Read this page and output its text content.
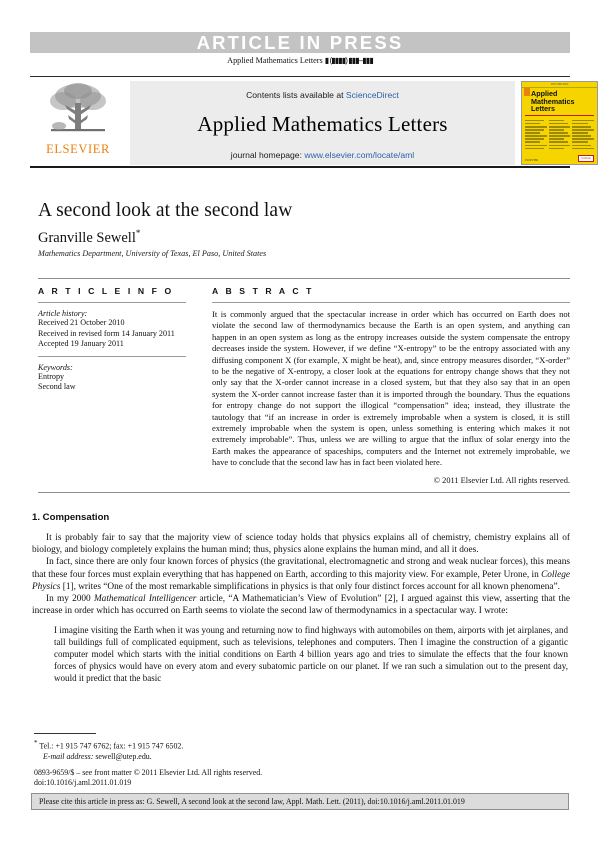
ARTICLE IN PRESS
Applied Mathematics Letters ▮ (▮▮▮▮) ▮▮▮–▮▮▮
ELSEVIER
Contents lists available at ScienceDirect
Applied Mathematics Letters
journal homepage: www.elsevier.com/locate/aml
ISSN 0893-9659
Applied
Mathematics
Letters
ELSEVIER
SciVerse
A second look at the second law
Granville Sewell*
Mathematics Department, University of Texas, El Paso, United States
A R T I C L E I N F O
Article history:
Received 21 October 2010
Received in revised form 14 January 2011
Accepted 19 January 2011
Keywords:
Entropy
Second law
A B S T R A C T
It is commonly argued that the spectacular increase in order which has occurred on Earth does not violate the second law of thermodynamics because the Earth is an open system, and anything can happen in an open system as long as the entropy increases outside the system compensate the entropy decreases inside the system. However, if we define “X-entropy” to be the entropy associated with any diffusing component X (for example, X might be heat), and, since entropy measures disorder, “X-order” to be the negative of X-entropy, a closer look at the equations for entropy change shows that they not only say that the X-order cannot increase in a closed system, but that they also say that in an open system the X-order cannot increase faster than it is imported through the boundary. Thus the equations for entropy change do not support the illogical “compensation” idea; instead, they illustrate the tautology that “if an increase in order is extremely improbable when a system is closed, it is still extremely improbable when the system is open, unless something is entering which makes it not extremely improbable”. Thus, unless we are willing to argue that the influx of solar energy into the Earth makes the appearance of spaceships, computers and the Internet not extremely improbable, we have to conclude that the second law has in fact been violated here.
© 2011 Elsevier Ltd. All rights reserved.
1. Compensation

It is probably fair to say that the majority view of science today holds that physics explains all of chemistry, chemistry explains all of biology, and biology completely explains the human mind; thus, physics alone explains the human mind, and all it does.

In fact, since there are only four known forces of physics (the gravitational, electromagnetic and strong and weak nuclear forces), this means that these four forces must explain everything that has happened on Earth, according to this majority view. For example, Peter Urone, in College Physics [1], writes “One of the most remarkable simplifications in physics is that only four distinct forces account for all known phenomena”.

In my 2000 Mathematical Intelligencer article, “A Mathematician’s View of Evolution” [2], I argued against this view, asserting that the increase in order which has occurred on Earth seems to violate the second law of thermodynamics in a spectacular way. I wrote:

I imagine visiting the Earth when it was young and returning now to find highways with automobiles on them, airports with jet airplanes, and tall buildings full of complicated equipment, such as televisions, telephones and computers. Then I imagine the construction of a gigantic computer model which starts with the initial conditions on Earth 4 billion years ago and tries to simulate the effects that the four known forces of physics would have on every atom and every subatomic particle on our planet. If we ran such a simulation out to the present day, would it predict that the basic
* Tel.: +1 915 747 6762; fax: +1 915 747 6502.
E-mail address: sewell@utep.edu.
0893-9659/$ – see front matter © 2011 Elsevier Ltd. All rights reserved.
doi:10.1016/j.aml.2011.01.019
Please cite this article in press as: G. Sewell, A second look at the second law, Appl. Math. Lett. (2011), doi:10.1016/j.aml.2011.01.019
